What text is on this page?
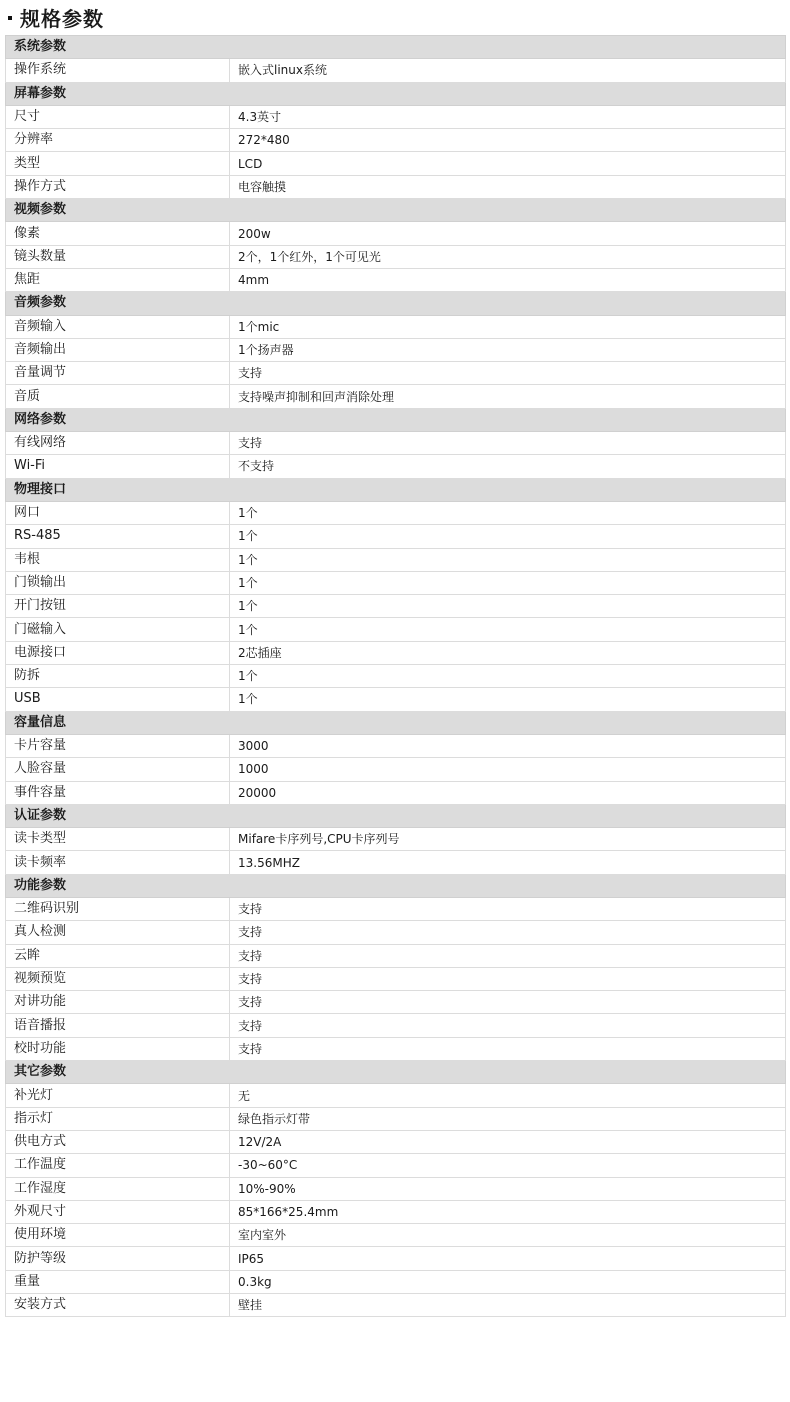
规格参数
系统参数	
操作系统	嵌入式linux系统
屏幕参数	
尺寸	4.3英寸
分辨率	272*480
类型	LCD
操作方式	电容触摸
视频参数	
像素	200w
镜头数量	2个，1个红外，1个可见光
焦距	4mm
音频参数	
音频输入	1个mic
音频输出	1个扬声器
音量调节	支持
音质	支持噪声抑制和回声消除处理
网络参数	
有线网络	支持
Wi-Fi	不支持
物理接口	
网口	1个
RS-485	1个
韦根	1个
门锁输出	1个
开门按钮	1个
门磁输入	1个
电源接口	2芯插座
防拆	1个
USB	1个
容量信息	
卡片容量	3000
人脸容量	1000
事件容量	20000
认证参数	
读卡类型	Mifare卡序列号,CPU卡序列号
读卡频率	13.56MHZ
功能参数	
二维码识别	支持
真人检测	支持
云眸	支持
视频预览	支持
对讲功能	支持
语音播报	支持
校时功能	支持
其它参数	
补光灯	无
指示灯	绿色指示灯带
供电方式	12V/2A
工作温度	-30~60°C
工作湿度	10%-90%
外观尺寸	85*166*25.4mm
使用环境	室内室外
防护等级	IP65
重量	0.3kg
安装方式	壁挂
